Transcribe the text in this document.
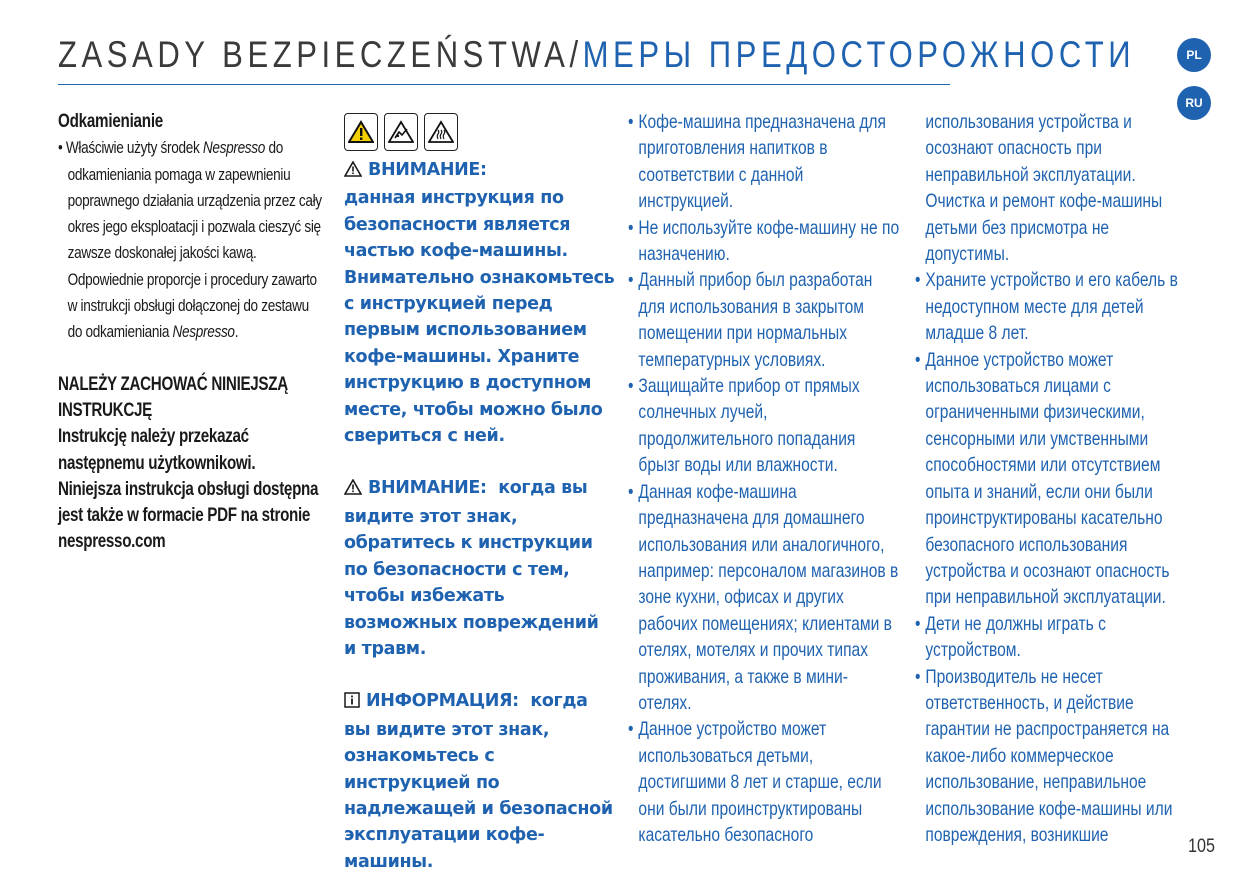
ZASADY BEZPIECZEŃSTWA/МЕРЫ ПРЕДОСТОРОЖНОСТИ	PL
RU
Odkamienianie
• Właściwie użyty środek Nespresso do odkamieniania pomaga w zapewnieniu poprawnego działania urządzenia przez cały okres jego eksploatacji i pozwala cieszyć się zawsze doskonałej jakości kawą. Odpowiednie proporcje i procedury zawarto w instrukcji obsługi dołączonej do zestawu do odkamieniania Nespresso.
NALEŻY ZACHOWAĆ NINIEJSZĄ INSTRUKCJĘ
Instrukcję należy przekazać następnemu użytkownikowi. Niniejsza instrukcja obsługi dostępna jest także w formacie PDF na stronie nespresso.com
ВНИМАНИЕ:
данная инструкция по безопасности является частью кофе-машины. Внимательно ознакомьтесь с инструкцией перед первым использованием кофе-машины. Храните инструкцию в доступном месте, чтобы можно было свериться с ней.
ВНИМАНИЕ: когда вы видите этот знак, обратитесь к инструкции по безопасности с тем, чтобы избежать возможных повреждений и травм.
ИНФОРМАЦИЯ: когда вы видите этот знак, ознакомьтесь с инструкцией по надлежащей и безопасной эксплуатации кофе-машины.
• Кофе-машина предназначена для приготовления напитков в соответствии с данной инструкцией.
• Не используйте кофе-машину не по назначению.
• Данный прибор был разработан для использования в закрытом помещении при нормальных температурных условиях.
• Защищайте прибор от прямых солнечных лучей, продолжительного попадания брызг воды или влажности.
• Данная кофе-машина предназначена для домашнего использования или аналогичного, например: персоналом магазинов в зоне кухни, офисах и других рабочих помещениях; клиентами в отелях, мотелях и прочих типах проживания, а также в мини-отелях.
• Данное устройство может использоваться детьми, достигшими 8 лет и старше, если они были проинструктированы касательно безопасного
использования устройства и осознают опасность при неправильной эксплуатации. Очистка и ремонт кофе-машины детьми без присмотра не допустимы.
• Храните устройство и его кабель в недоступном месте для детей младше 8 лет.
• Данное устройство может использоваться лицами с ограниченными физическими, сенсорными или умственными способностями или отсутствием опыта и знаний, если они были проинструктированы касательно безопасного использования устройства и осознают опасность при неправильной эксплуатации.
• Дети не должны играть с устройством.
• Производитель не несет ответственность, и действие гарантии не распространяется на какое-либо коммерческое использование, неправильное использование кофе-машины или повреждения, возникшие
105
